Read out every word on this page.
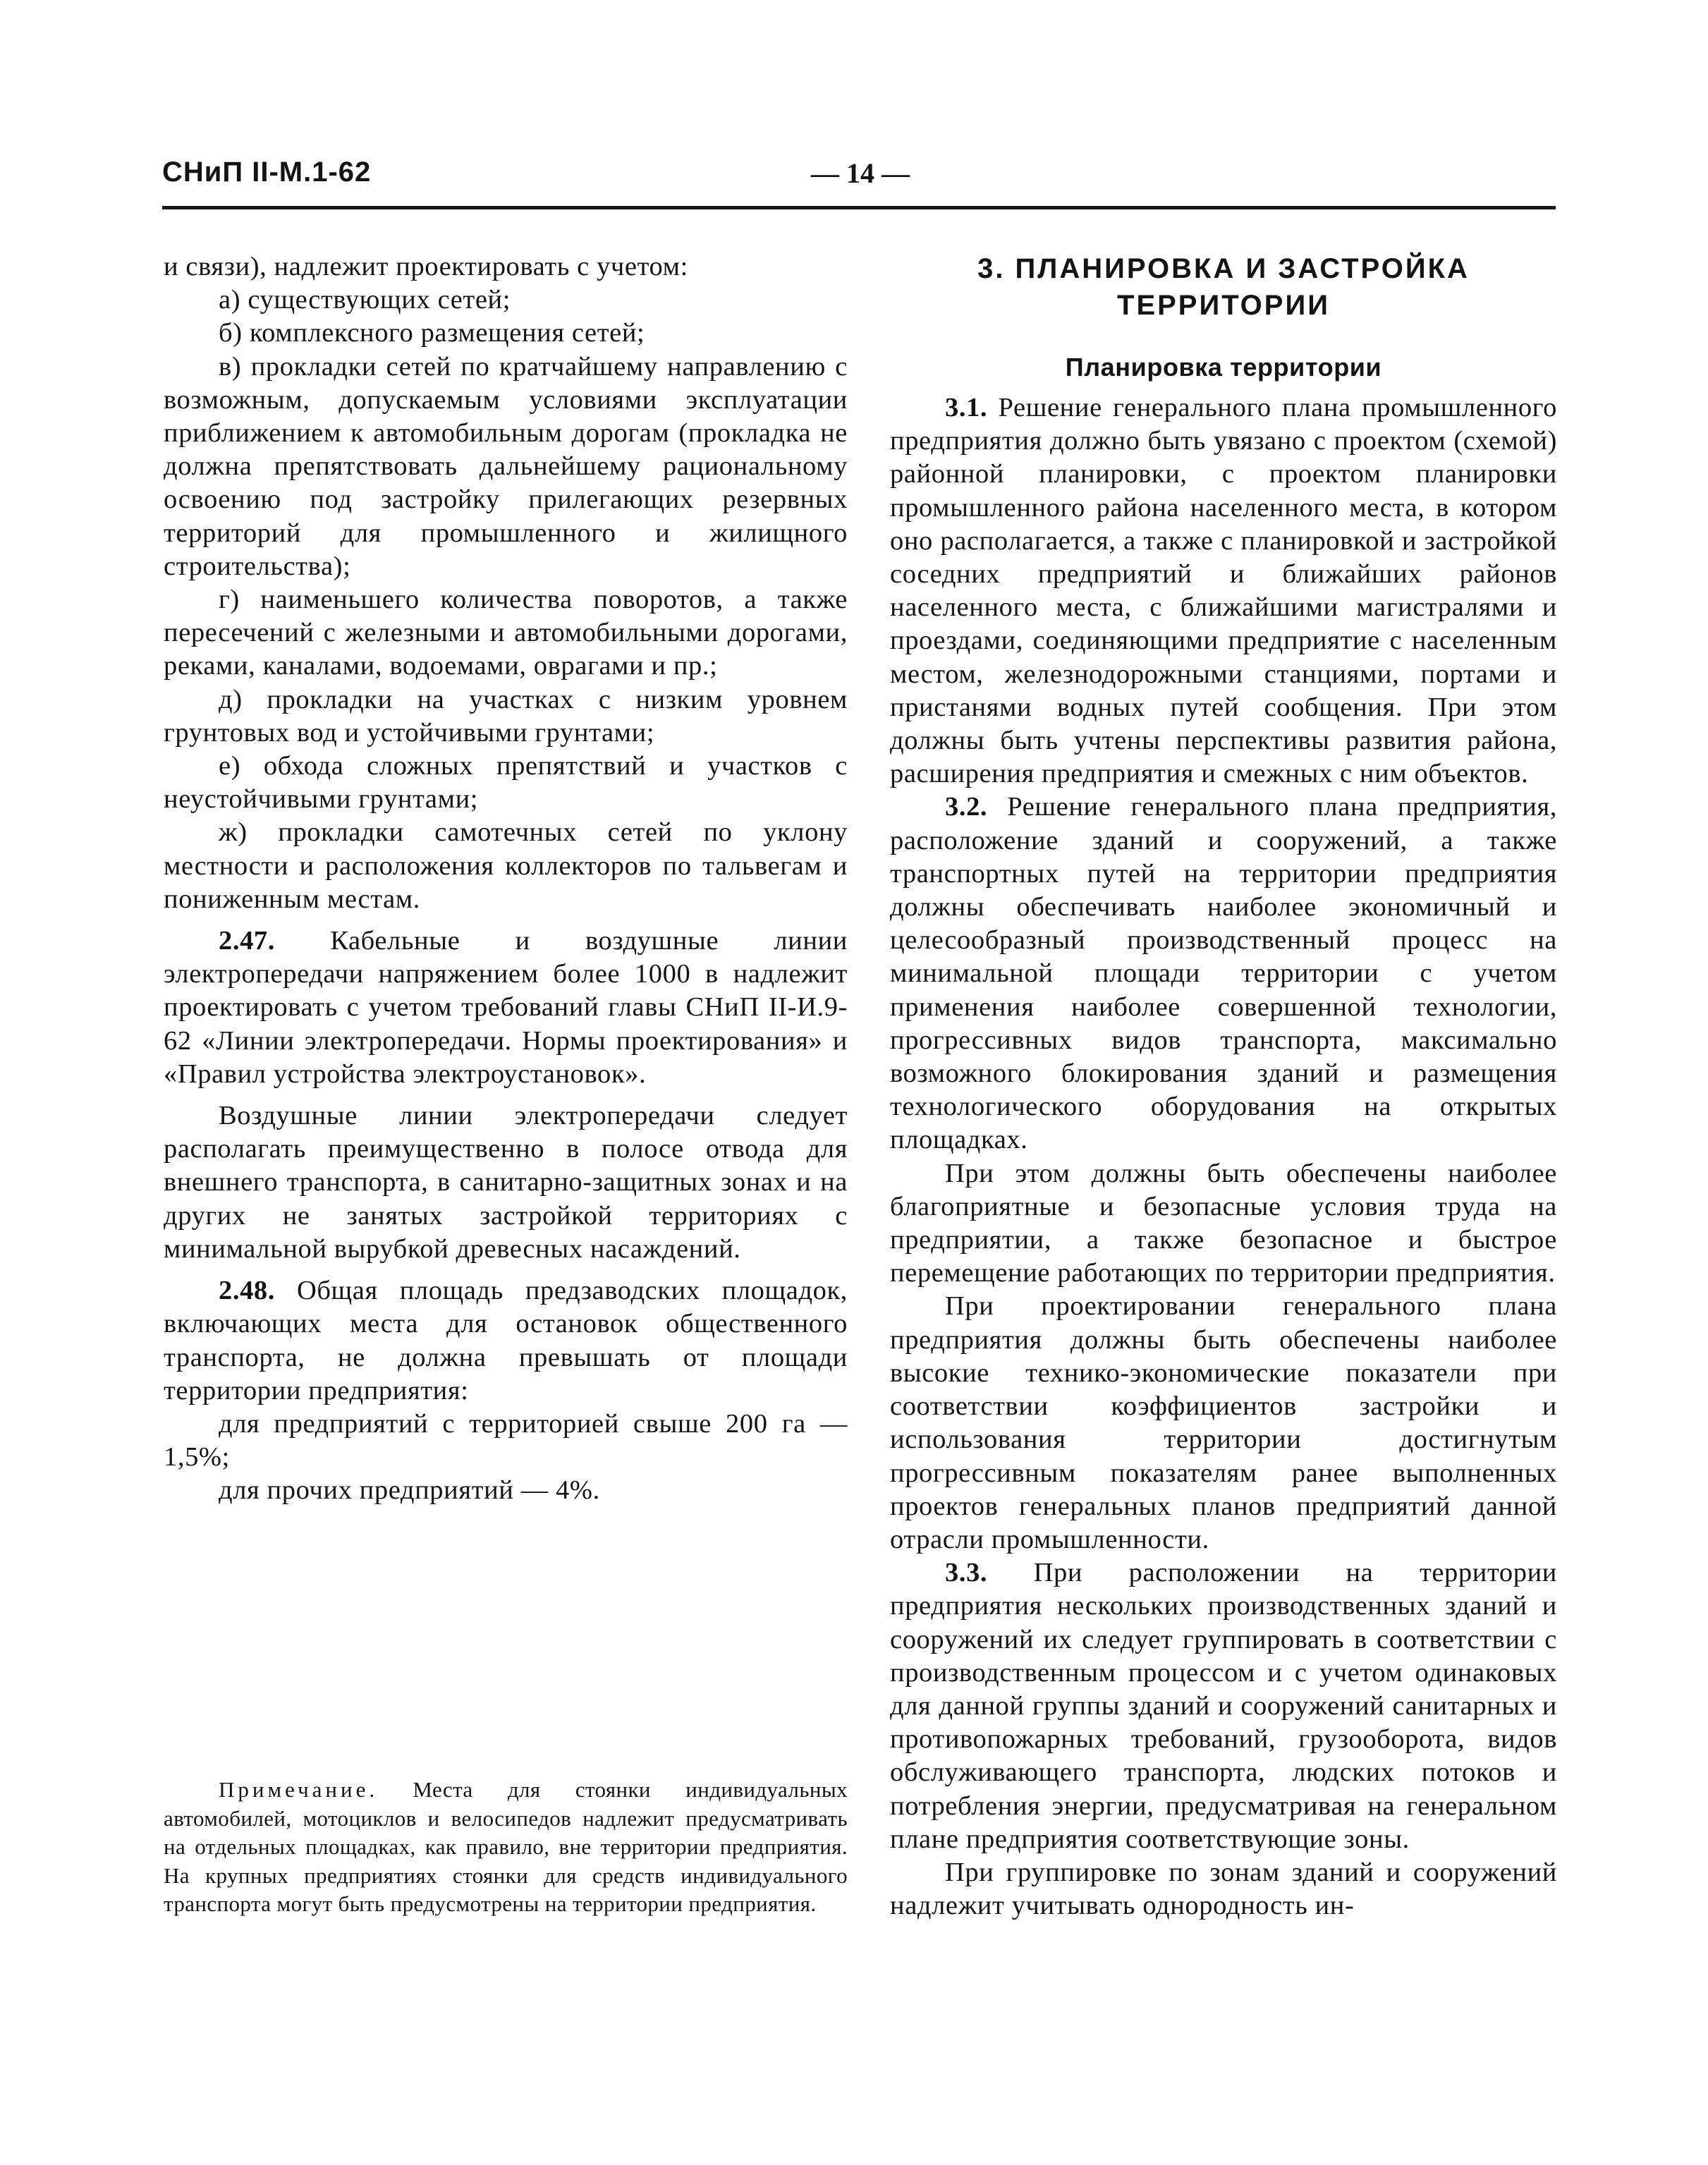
СНиП II-М.1-62	— 14 —

и связи), надлежит проектировать с учетом:

а) существующих сетей;

б) комплексного размещения сетей;

в) прокладки сетей по кратчайшему направлению с возможным, допускаемым условиями эксплуатации приближением к автомобильным дорогам (прокладка не должна препятствовать дальнейшему рациональному освоению под застройку прилегающих резервных территорий для промышленного и жилищного строительства);

г) наименьшего количества поворотов, а также пересечений с железными и автомобильными дорогами, реками, каналами, водоемами, оврагами и пр.;

д) прокладки на участках с низким уровнем грунтовых вод и устойчивыми грунтами;

е) обхода сложных препятствий и участков с неустойчивыми грунтами;

ж) прокладки самотечных сетей по уклону местности и расположения коллекторов по тальвегам и пониженным местам.

2.47. Кабельные и воздушные линии электропередачи напряжением более 1000 в надлежит проектировать с учетом требований главы СНиП II-И.9-62 «Линии электропередачи. Нормы проектирования» и «Правил устройства электроустановок».

Воздушные линии электропередачи следует располагать преимущественно в полосе отвода для внешнего транспорта, в санитарно-защитных зонах и на других не занятых застройкой территориях с минимальной вырубкой древесных насаждений.

2.48. Общая площадь предзаводских площадок, включающих места для остановок общественного транспорта, не должна превышать от площади территории предприятия:

для предприятий с территорией свыше 200 га — 1,5%;

для прочих предприятий — 4%.

Примечание. Места для стоянки индивидуальных автомобилей, мотоциклов и велосипедов надлежит предусматривать на отдельных площадках, как правило, вне территории предприятия. На крупных предприятиях стоянки для средств индивидуального транспорта могут быть предусмотрены на территории предприятия.

3. ПЛАНИРОВКА И ЗАСТРОЙКА ТЕРРИТОРИИ
Планировка территории

3.1. Решение генерального плана промышленного предприятия должно быть увязано с проектом (схемой) районной планировки, с проектом планировки промышленного района населенного места, в котором оно располагается, а также с планировкой и застройкой соседних предприятий и ближайших районов населенного места, с ближайшими магистралями и проездами, соединяющими предприятие с населенным местом, железнодорожными станциями, портами и пристанями водных путей сообщения. При этом должны быть учтены перспективы развития района, расширения предприятия и смежных с ним объектов.

3.2. Решение генерального плана предприятия, расположение зданий и сооружений, а также транспортных путей на территории предприятия должны обеспечивать наиболее экономичный и целесообразный производственный процесс на минимальной площади территории с учетом применения наиболее совершенной технологии, прогрессивных видов транспорта, максимально возможного блокирования зданий и размещения технологического оборудования на открытых площадках.

При этом должны быть обеспечены наиболее благоприятные и безопасные условия труда на предприятии, а также безопасное и быстрое перемещение работающих по территории предприятия.

При проектировании генерального плана предприятия должны быть обеспечены наиболее высокие технико-экономические показатели при соответствии коэффициентов застройки и использования территории достигнутым прогрессивным показателям ранее выполненных проектов генеральных планов предприятий данной отрасли промышленности.

3.3. При расположении на территории предприятия нескольких производственных зданий и сооружений их следует группировать в соответствии с производственным процессом и с учетом одинаковых для данной группы зданий и сооружений санитарных и противопожарных требований, грузооборота, видов обслуживающего транспорта, людских потоков и потребления энергии, предусматривая на генеральном плане предприятия соответствующие зоны.

При группировке по зонам зданий и сооружений надлежит учитывать однородность ин-
